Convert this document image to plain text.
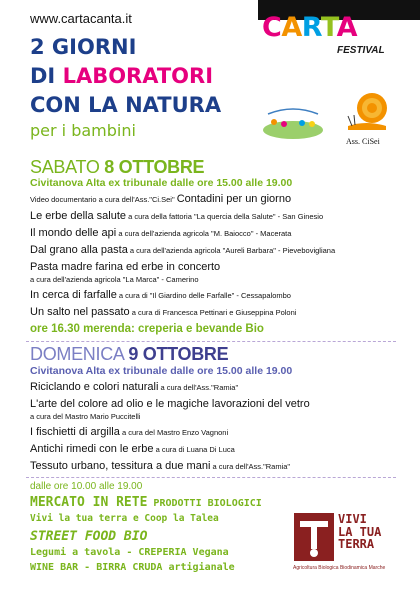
www.cartacanta.it	CARTA
FESTIVAL
2 GIORNI
DI LABORATORI
CON LA NATURA
per i bambini
Ass. CiSei
SABATO 8 OTTOBRE
Civitanova Alta ex tribunale dalle ore 15.00 alle 19.00
Video documentario a cura dell'Ass."Ci.Sei" Contadini per un giorno
Le erbe della salute a cura della fattoria "La quercia della Salute" - San Ginesio
Il mondo delle api a cura dell'azienda agricola "M. Baiocco" - Macerata
Dal grano alla pasta a cura dell'azienda agricola "Aureli Barbara" - Pievebovigliana
Pasta madre farina ed erbe in concerto
a cura dell'azienda agricola "La Marca" - Camerino
In cerca di farfalle a cura di "Il Giardino delle Farfalle" - Cessapalombo
Un salto nel passato a cura di Francesca Pettinari e Giuseppina Poloni
ore 16.30 merenda: creperia e bevande Bio
DOMENICA 9 OTTOBRE
Civitanova Alta ex tribunale dalle ore 15.00 alle 19.00
Riciclando e colori naturali a cura dell'Ass."Ramia"
L'arte del colore ad olio e le magiche lavorazioni del vetro
a cura del Mastro Mario Puccitelli
I fischietti di argilla a cura del Mastro Enzo Vagnoni
Antichi rimedi con le erbe a cura di Luana Di Luca
Tessuto urbano, tessitura a due mani a cura dell'Ass."Ramia"
dalle ore 10.00 alle 19.00
MERCATO IN RETE PRODOTTI BIOLOGICI
Vivi la tua terra e Coop la Talea
STREET FOOD BIO
Legumi a tavola - CREPERIA Vegana
WINE BAR - BIRRA CRUDA artigianale
VIVI
LA TUA
TERRA
Agricoltura Biologica Biodinamica Marche
